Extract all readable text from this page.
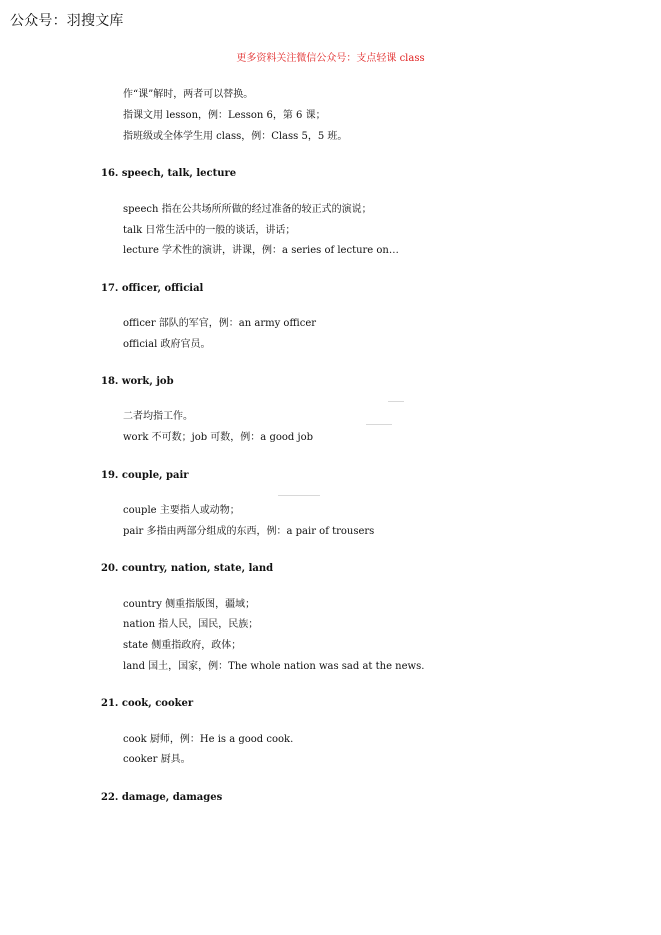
公众号：羽搜文库
更多资料关注微信公众号：支点轻课 class
作“课”解时，两者可以替换。
指课文用 lesson，例：Lesson 6，第 6 课；
指班级或全体学生用 class，例：Class 5，5 班。
16. speech, talk, lecture
speech 指在公共场所所做的经过准备的较正式的演说；
talk 日常生活中的一般的谈话，讲话；
lecture 学术性的演讲，讲课，例：a series of lecture on…
17. officer, official
officer 部队的军官，例：an army officer
official 政府官员。
18. work, job
二者均指工作。
work 不可数；job 可数，例：a good job
19. couple, pair
couple 主要指人或动物；
pair 多指由两部分组成的东西，例：a pair of trousers
20. country, nation, state, land
country 侧重指版图，疆域；
nation 指人民，国民，民族；
state 侧重指政府，政体；
land 国土，国家，例：The whole nation was sad at the news.
21. cook, cooker
cook 厨师，例：He is a good cook.
cooker 厨具。
22. damage, damages
